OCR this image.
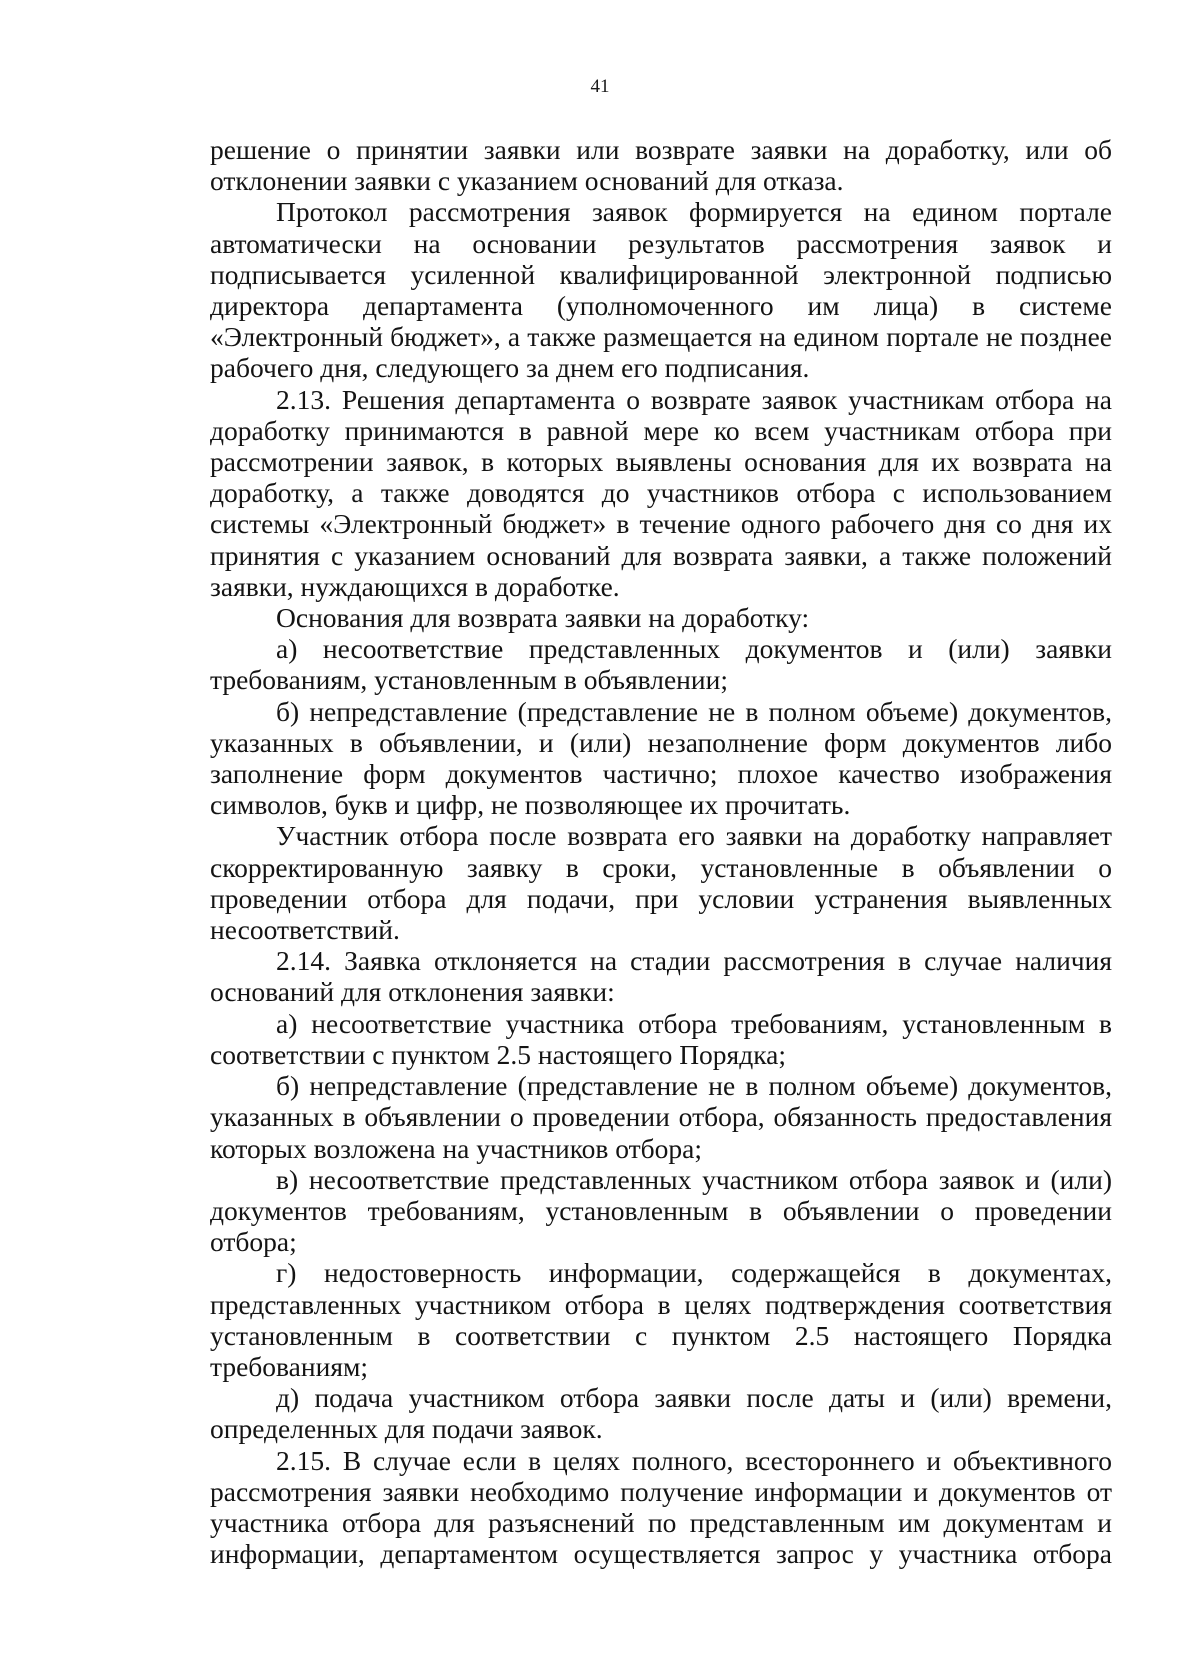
41

решение о принятии заявки или возврате заявки на доработку, или об отклонении заявки с указанием оснований для отказа.

Протокол рассмотрения заявок формируется на едином портале автоматически на основании результатов рассмотрения заявок и подписывается усиленной квалифицированной электронной подписью директора департамента (уполномоченного им лица) в системе «Электронный бюджет», а также размещается на едином портале не позднее рабочего дня, следующего за днем его подписания.

2.13. Решения департамента о возврате заявок участникам отбора на доработку принимаются в равной мере ко всем участникам отбора при рассмотрении заявок, в которых выявлены основания для их возврата на доработку, а также доводятся до участников отбора с использованием системы «Электронный бюджет» в течение одного рабочего дня со дня их принятия с указанием оснований для возврата заявки, а также положений заявки, нуждающихся в доработке.

Основания для возврата заявки на доработку:

а) несоответствие представленных документов и (или) заявки требованиям, установленным в объявлении;

б) непредставление (представление не в полном объеме) документов, указанных в объявлении, и (или) незаполнение форм документов либо заполнение форм документов частично; плохое качество изображения символов, букв и цифр, не позволяющее их прочитать.

Участник отбора после возврата его заявки на доработку направляет скорректированную заявку в сроки, установленные в объявлении о проведении отбора для подачи, при условии устранения выявленных несоответствий.

2.14. Заявка отклоняется на стадии рассмотрения в случае наличия оснований для отклонения заявки:

а) несоответствие участника отбора требованиям, установленным в соответствии с пунктом 2.5 настоящего Порядка;

б) непредставление (представление не в полном объеме) документов, указанных в объявлении о проведении отбора, обязанность предоставления которых возложена на участников отбора;

в) несоответствие представленных участником отбора заявок и (или) документов требованиям, установленным в объявлении о проведении отбора;

г) недостоверность информации, содержащейся в документах, представленных участником отбора в целях подтверждения соответствия установленным в соответствии с пунктом 2.5 настоящего Порядка требованиям;

д) подача участником отбора заявки после даты и (или) времени, определенных для подачи заявок.

2.15. В случае если в целях полного, всестороннего и объективного рассмотрения заявки необходимо получение информации и документов от участника отбора для разъяснений по представленным им документам и информации, департаментом осуществляется запрос у участника отбора
